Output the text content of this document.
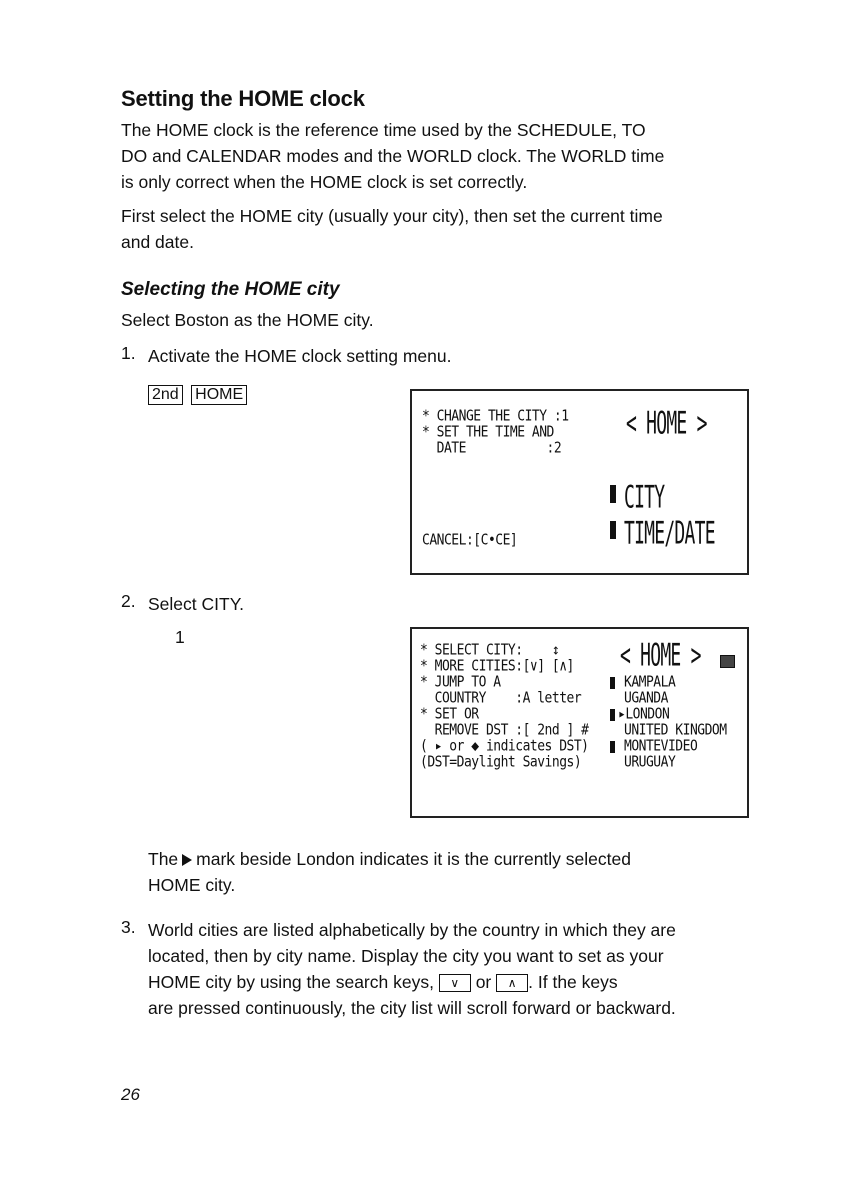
Setting the HOME clock

The HOME clock is the reference time used by the SCHEDULE, TO
DO and CALENDAR modes and the WORLD clock. The WORLD time
is only correct when the HOME clock is set correctly.

First select the HOME city (usually your city), then set the current time
and date.

Selecting the HOME city
Select Boston as the HOME city.
1. Activate the HOME clock setting menu.
2nd HOME
* CHANGE THE CITY :1
* SET THE TIME AND
DATE           :2
< HOME >
CITY
TIME/DATE
CANCEL:[C•CE]
2. Select CITY.
1
* SELECT CITY:    ↕
* MORE CITIES:[∨] [∧]
* JUMP TO A
COUNTRY    :A letter
* SET OR
REMOVE DST :[ 2nd ] #
( ▸ or ◆ indicates DST)
(DST=Daylight Savings)
< HOME >
KAMPALA
UGANDA
▸LONDON
UNITED KINGDOM
MONTEVIDEO
URUGUAY

The mark beside London indicates it is the currently selected
HOME city.

3. World cities are listed alphabetically by the country in which they are
located, then by city name. Display the city you want to set as your
HOME city by using the search keys, ∨ or ∧ . If the keys
are pressed continuously, the city list will scroll forward or backward.

26
